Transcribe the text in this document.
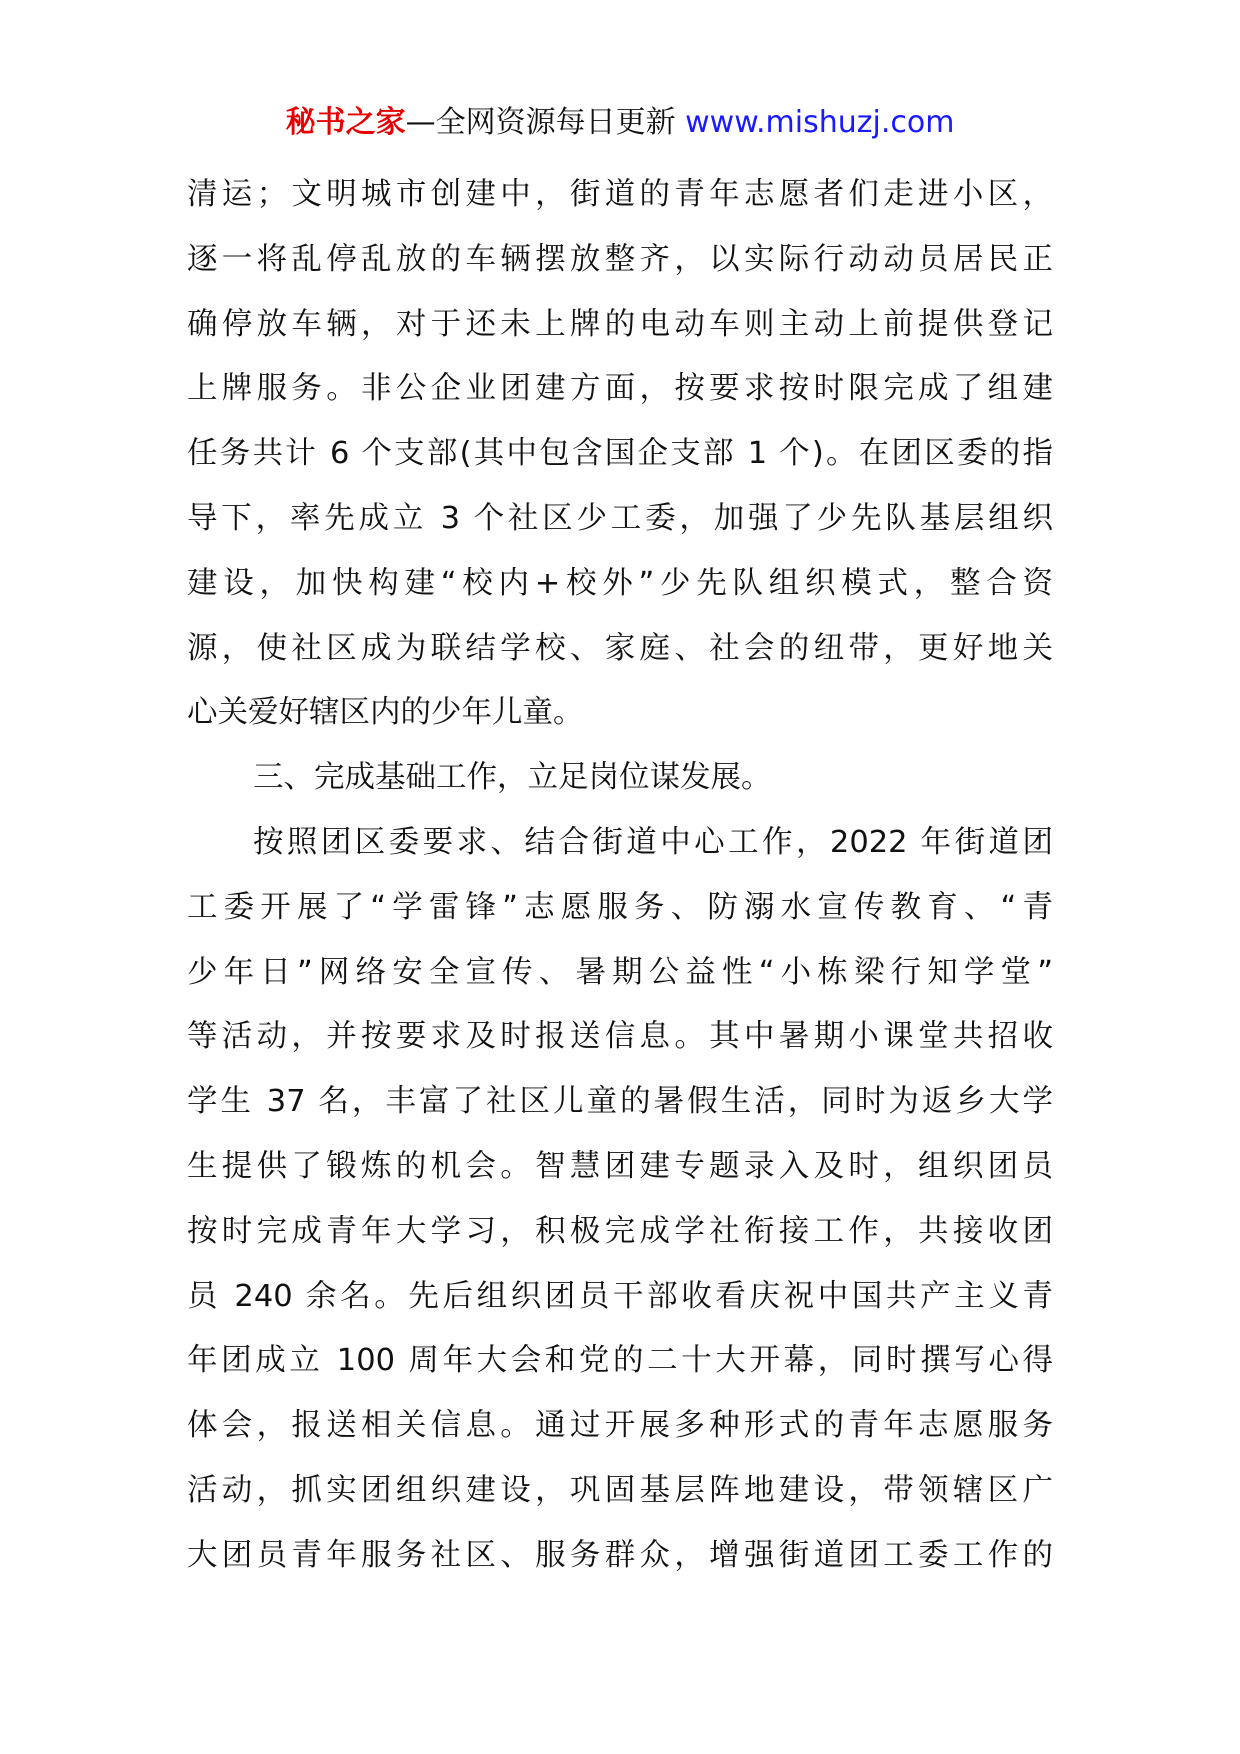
秘书之家—全网资源每日更新 www.mishuzj.com
清运；文明城市创建中，街道的青年志愿者们走进小区，
逐一将乱停乱放的车辆摆放整齐，以实际行动动员居民正
确停放车辆，对于还未上牌的电动车则主动上前提供登记
上牌服务。非公企业团建方面，按要求按时限完成了组建
任务共计 6 个支部(其中包含国企支部 1 个)。在团区委的指
导下，率先成立 3 个社区少工委，加强了少先队基层组织
建设，加快构建“校内+校外”少先队组织模式，整合资
源，使社区成为联结学校、家庭、社会的纽带，更好地关
心关爱好辖区内的少年儿童。
三、完成基础工作，立足岗位谋发展。
按照团区委要求、结合街道中心工作，2022 年街道团
工委开展了“学雷锋”志愿服务、防溺水宣传教育、“青
少年日”网络安全宣传、暑期公益性“小栋梁行知学堂”
等活动，并按要求及时报送信息。其中暑期小课堂共招收
学生 37 名，丰富了社区儿童的暑假生活，同时为返乡大学
生提供了锻炼的机会。智慧团建专题录入及时，组织团员
按时完成青年大学习，积极完成学社衔接工作，共接收团
员 240 余名。先后组织团员干部收看庆祝中国共产主义青
年团成立 100 周年大会和党的二十大开幕，同时撰写心得
体会，报送相关信息。通过开展多种形式的青年志愿服务
活动，抓实团组织建设，巩固基层阵地建设，带领辖区广
大团员青年服务社区、服务群众，增强街道团工委工作的
